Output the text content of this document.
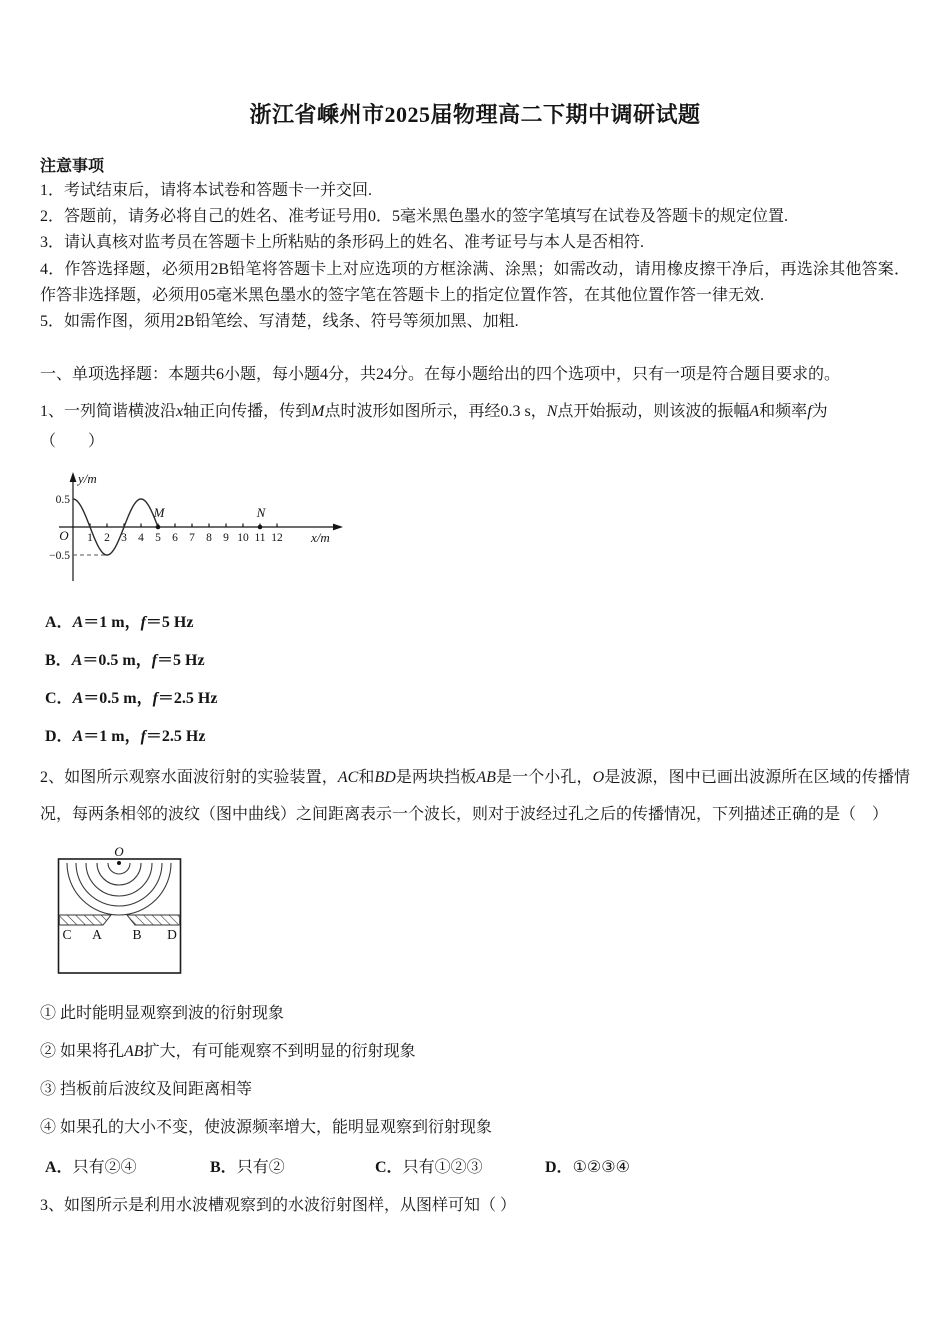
浙江省嵊州市2025届物理高二下期中调研试题
注意事项
1．考试结束后，请将本试卷和答题卡一并交回.
2．答题前，请务必将自己的姓名、准考证号用0．5毫米黑色墨水的签字笔填写在试卷及答题卡的规定位置.
3．请认真核对监考员在答题卡上所粘贴的条形码上的姓名、准考证号与本人是否相符.
4．作答选择题，必须用2B铅笔将答题卡上对应选项的方框涂满、涂黑；如需改动，请用橡皮擦干净后，再选涂其他答案．作答非选择题，必须用05毫米黑色墨水的签字笔在答题卡上的指定位置作答，在其他位置作答一律无效.
5．如需作图，须用2B铅笔绘、写清楚，线条、符号等须加黑、加粗.
一、单项选择题：本题共6小题，每小题4分，共24分。在每小题给出的四个选项中，只有一项是符合题目要求的。
1、一列简谐横波沿x轴正向传播，传到M点时波形如图所示，再经0.3 s，N点开始振动，则该波的振幅A和频率f为
（　　）
y/m
x/m
O
0.5
−0.5
1 2 3 4 5 6 7 8 9 10 11 12
M	N
A．A＝1 m，f＝5 Hz
B．A＝0.5 m，f＝5 Hz
C．A＝0.5 m，f＝2.5 Hz
D．A＝1 m，f＝2.5 Hz
2、如图所示观察水面波衍射的实验装置，AC和BD是两块挡板AB是一个小孔，O是波源，图中已画出波源所在区域的传播情况，每两条相邻的波纹（图中曲线）之间距离表示一个波长，则对于波经过孔之后的传播情况，下列描述正确的是（　）
O
C A B D
① 此时能明显观察到波的衍射现象
② 如果将孔AB扩大，有可能观察不到明显的衍射现象
③ 挡板前后波纹及间距离相等
④ 如果孔的大小不变，使波源频率增大，能明显观察到衍射现象
A．只有②④	B．只有②	C．只有①②③	D．①②③④
3、如图所示是利用水波槽观察到的水波衍射图样，从图样可知（ ）
